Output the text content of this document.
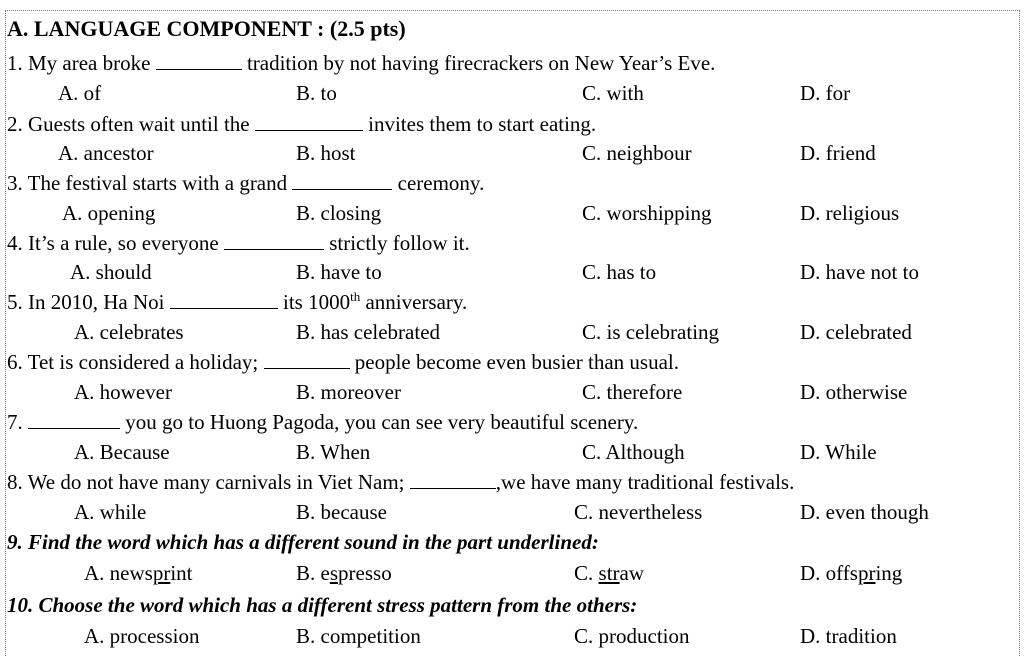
A. LANGUAGE COMPONENT : (2.5 pts)
1. My area broke	tradition by not having firecrackers on New Year’s Eve.
A. of	B. to	C. with	D. for
2. Guests often wait until the	invites them to start eating.
A. ancestor	B. host	C. neighbour	D. friend
3. The festival starts with a grand	ceremony.
A. opening	B. closing	C. worshipping	D. religious
4. It’s a rule, so everyone	strictly follow it.
A. should	B. have to	C. has to	D. have not to
5. In 2010, Ha Noi	its 1000th anniversary.
A. celebrates	B. has celebrated	C. is celebrating	D. celebrated
6. Tet is considered a holiday;	people become even busier than usual.
A. however	B. moreover	C. therefore	D. otherwise
7.	you go to Huong Pagoda, you can see very beautiful scenery.
A. Because	B. When	C. Although	D. While
8. We do not have many carnivals in Viet Nam;	,we have many traditional festivals.
A. while	B. because	C. nevertheless	D. even though
9. Find the word which has a different sound in the part underlined:
A. newsprint	B. espresso	C. straw	D. offspring
10. Choose the word which has a different stress pattern from the others:
A. procession	B. competition	C. production	D. tradition
